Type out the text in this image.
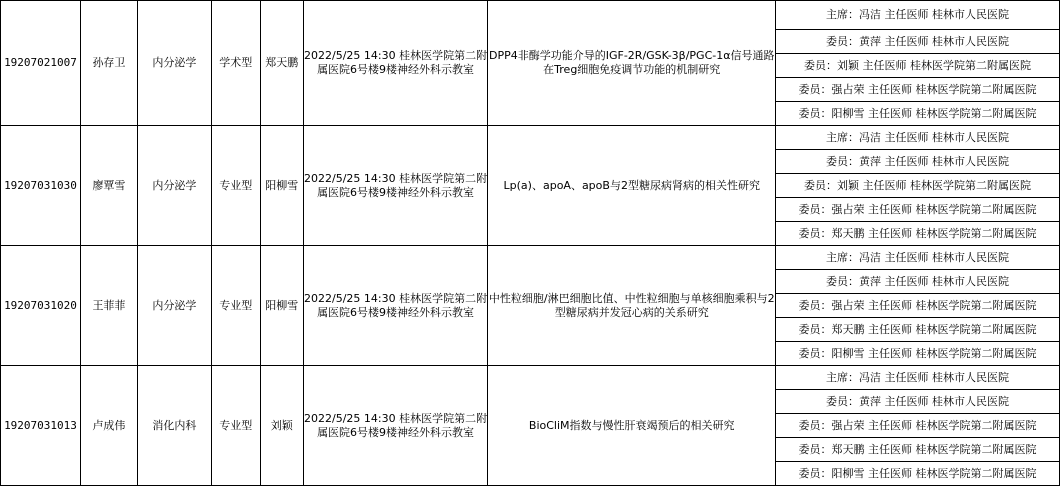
19207021007	孙存卫	内分泌学	学术型	郑天鹏	2022/5/25 14:30 桂林医学院第二附属医院6号楼9楼神经外科示教室	DPP4非酶学功能介导的IGF-2R/GSK-3β/PGC-1α信号通路在Treg细胞免疫调节功能的机制研究	主席：冯洁 主任医师 桂林市人民医院
							委员：黄萍 主任医师 桂林市人民医院
							委员：刘颖 主任医师 桂林医学院第二附属医院
							委员：强占荣 主任医师 桂林医学院第二附属医院
							委员：阳柳雪 主任医师 桂林医学院第二附属医院
19207031030	廖覃雪	内分泌学	专业型	阳柳雪	2022/5/25 14:30 桂林医学院第二附属医院6号楼9楼神经外科示教室	Lp(a)、apoA、apoB与2型糖尿病肾病的相关性研究	主席：冯洁 主任医师 桂林市人民医院
							委员：黄萍 主任医师 桂林市人民医院
							委员：刘颖 主任医师 桂林医学院第二附属医院
							委员：强占荣 主任医师 桂林医学院第二附属医院
							委员：郑天鹏 主任医师 桂林医学院第二附属医院
19207031020	王菲菲	内分泌学	专业型	阳柳雪	2022/5/25 14:30 桂林医学院第二附属医院6号楼9楼神经外科示教室	中性粒细胞/淋巴细胞比值、中性粒细胞与单核细胞乘积与2型糖尿病并发冠心病的关系研究	主席：冯洁 主任医师 桂林市人民医院
							委员：黄萍 主任医师 桂林市人民医院
							委员：强占荣 主任医师 桂林医学院第二附属医院
							委员：郑天鹏 主任医师 桂林医学院第二附属医院
							委员：阳柳雪 主任医师 桂林医学院第二附属医院
19207031013	卢成伟	消化内科	专业型	刘颖	2022/5/25 14:30 桂林医学院第二附属医院6号楼9楼神经外科示教室	BioCliM指数与慢性肝衰竭预后的相关研究	主席：冯洁 主任医师 桂林市人民医院
							委员：黄萍 主任医师 桂林市人民医院
							委员：强占荣 主任医师 桂林医学院第二附属医院
							委员：郑天鹏 主任医师 桂林医学院第二附属医院
							委员：阳柳雪 主任医师 桂林医学院第二附属医院
